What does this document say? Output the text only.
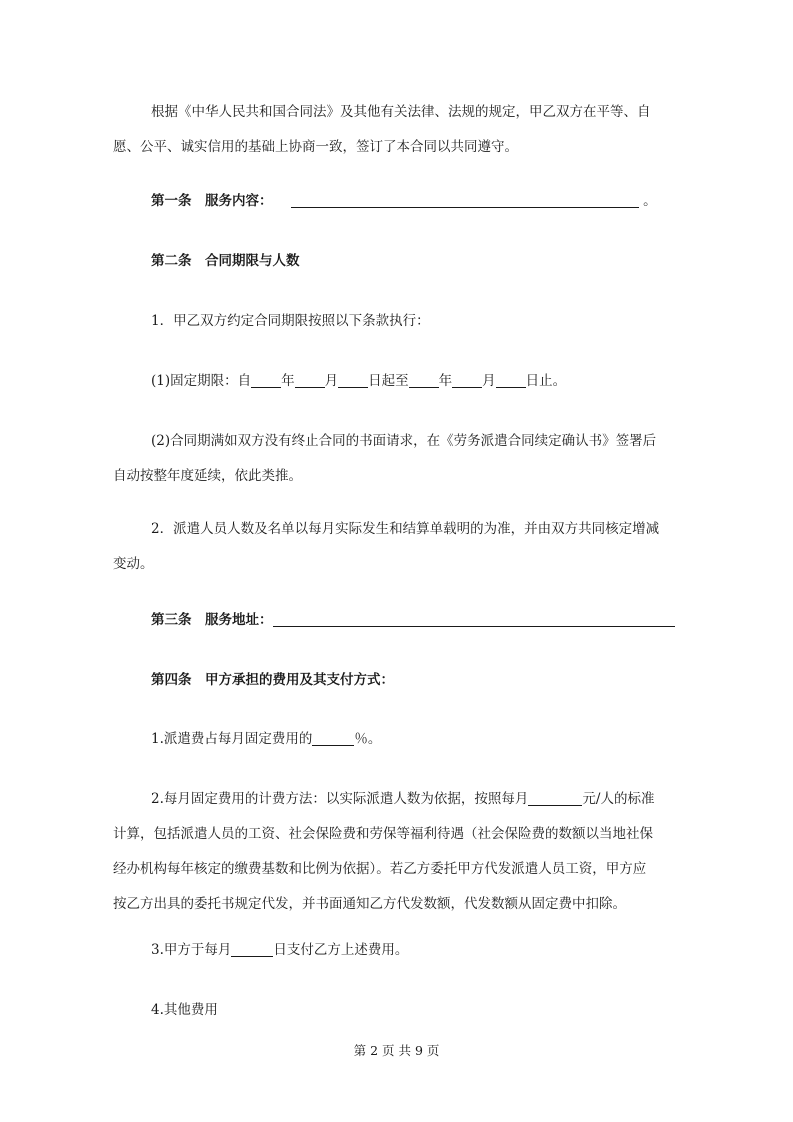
根据《中华人民共和国合同法》及其他有关法律、法规的规定，甲乙双方在平等、自
愿、公平、诚实信用的基础上协商一致，签订了本合同以共同遵守。
第一条　服务内容：	。
第二条　合同期限与人数
1．甲乙双方约定合同期限按照以下条款执行：
(1)固定期限：自 年 月 日起至 年 月 日止。
(2)合同期满如双方没有终止合同的书面请求，在《劳务派遣合同续定确认书》签署后
自动按整年度延续，依此类推。
2．派遣人员人数及名单以每月实际发生和结算单载明的为准，并由双方共同核定增减
变动。
第三条　服务地址：
第四条　甲方承担的费用及其支付方式：
1.派遣费占每月固定费用的	％。
2.每月固定费用的计费方法：以实际派遣人数为依据，按照每月	元/人的标准
计算，包括派遣人员的工资、社会保险费和劳保等福利待遇（社会保险费的数额以当地社保
经办机构每年核定的缴费基数和比例为依据）。若乙方委托甲方代发派遣人员工资，甲方应
按乙方出具的委托书规定代发，并书面通知乙方代发数额，代发数额从固定费中扣除。
3.甲方于每月	日支付乙方上述费用。
4.其他费用
第 2 页 共 9 页
